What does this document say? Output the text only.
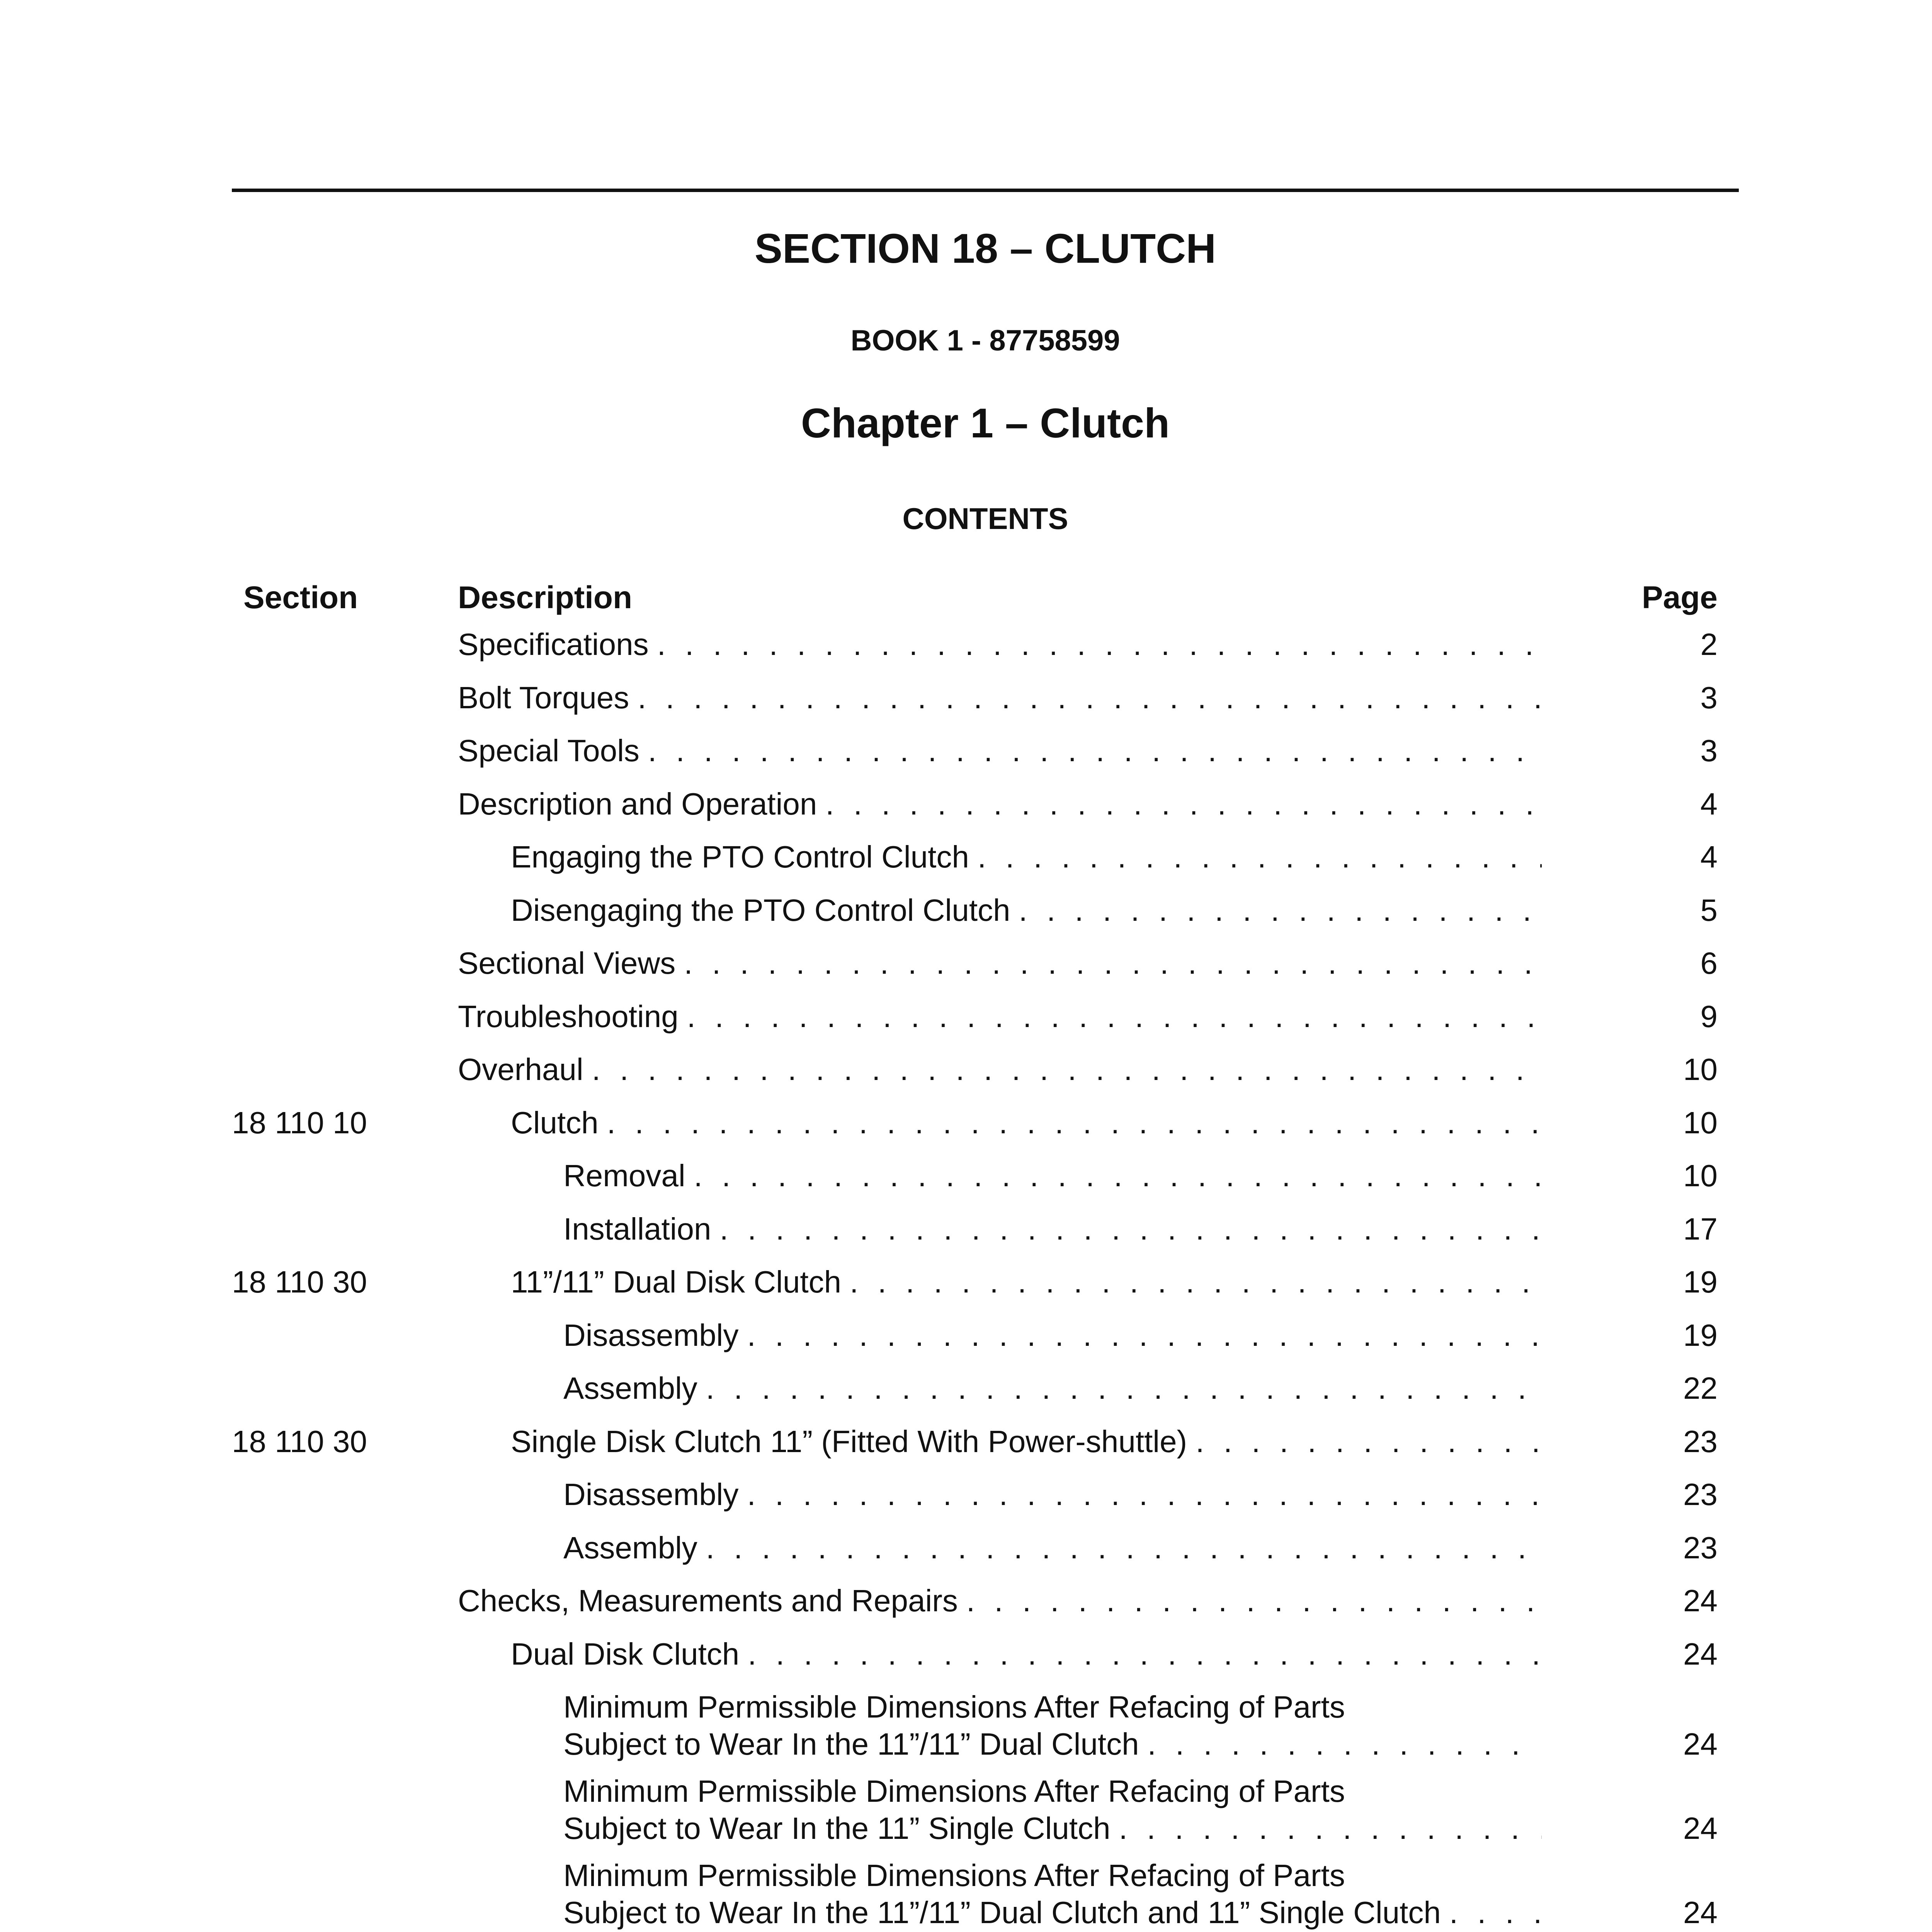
SECTION 18 – CLUTCH
BOOK 1 - 87758599
Chapter 1 – Clutch
CONTENTS
Section	Description	Page
Specifications . . .	2
Bolt Torques . . .	3
Special Tools . . .	3
Description and Operation . . .	4
Engaging the PTO Control Clutch . . .	4
Disengaging the PTO Control Clutch . . .	5
Sectional Views . . .	6
Troubleshooting . . .	9
Overhaul . . .	10
18 110 10	Clutch . . .	10
Removal . . .	10
Installation . . .	17
18 110 30	11”/11” Dual Disk Clutch . . .	19
Disassembly . . .	19
Assembly . . .	22
18 110 30	Single Disk Clutch 11” (Fitted With Power-shuttle) . . .	23
Disassembly . . .	23
Assembly . . .	23
Checks, Measurements and Repairs . . .	24
Dual Disk Clutch . . .	24
Minimum Permissible Dimensions After Refacing of Parts
Subject to Wear In the 11”/11” Dual Clutch . . .	24
Minimum Permissible Dimensions After Refacing of Parts
Subject to Wear In the 11” Single Clutch . . .	24
Minimum Permissible Dimensions After Refacing of Parts
Subject to Wear In the 11”/11” Dual Clutch and 11” Single Clutch . . .	24
